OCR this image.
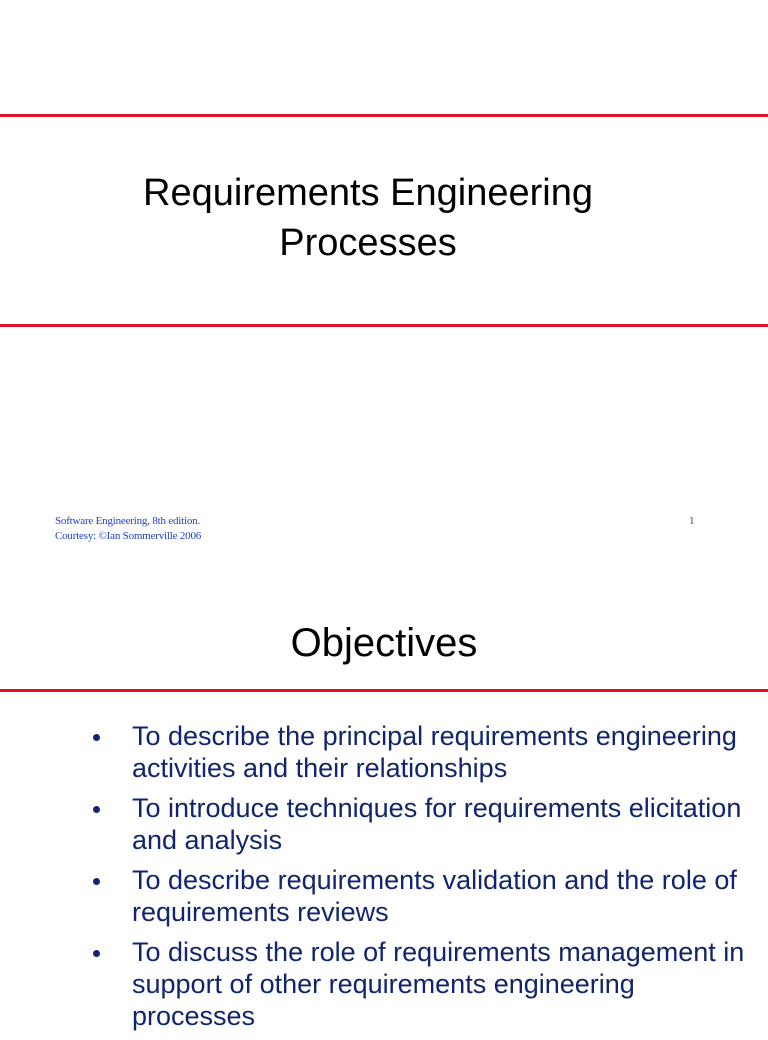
Requirements Engineering
Processes
Software Engineering, 8th edition.
Courtesy: ©Ian Sommerville 2006
1
Objectives
To describe the principal requirements engineering activities and their relationships
To introduce techniques for requirements elicitation and analysis
To describe requirements validation and the role of requirements reviews
To discuss the role of requirements management in support of other requirements engineering processes
